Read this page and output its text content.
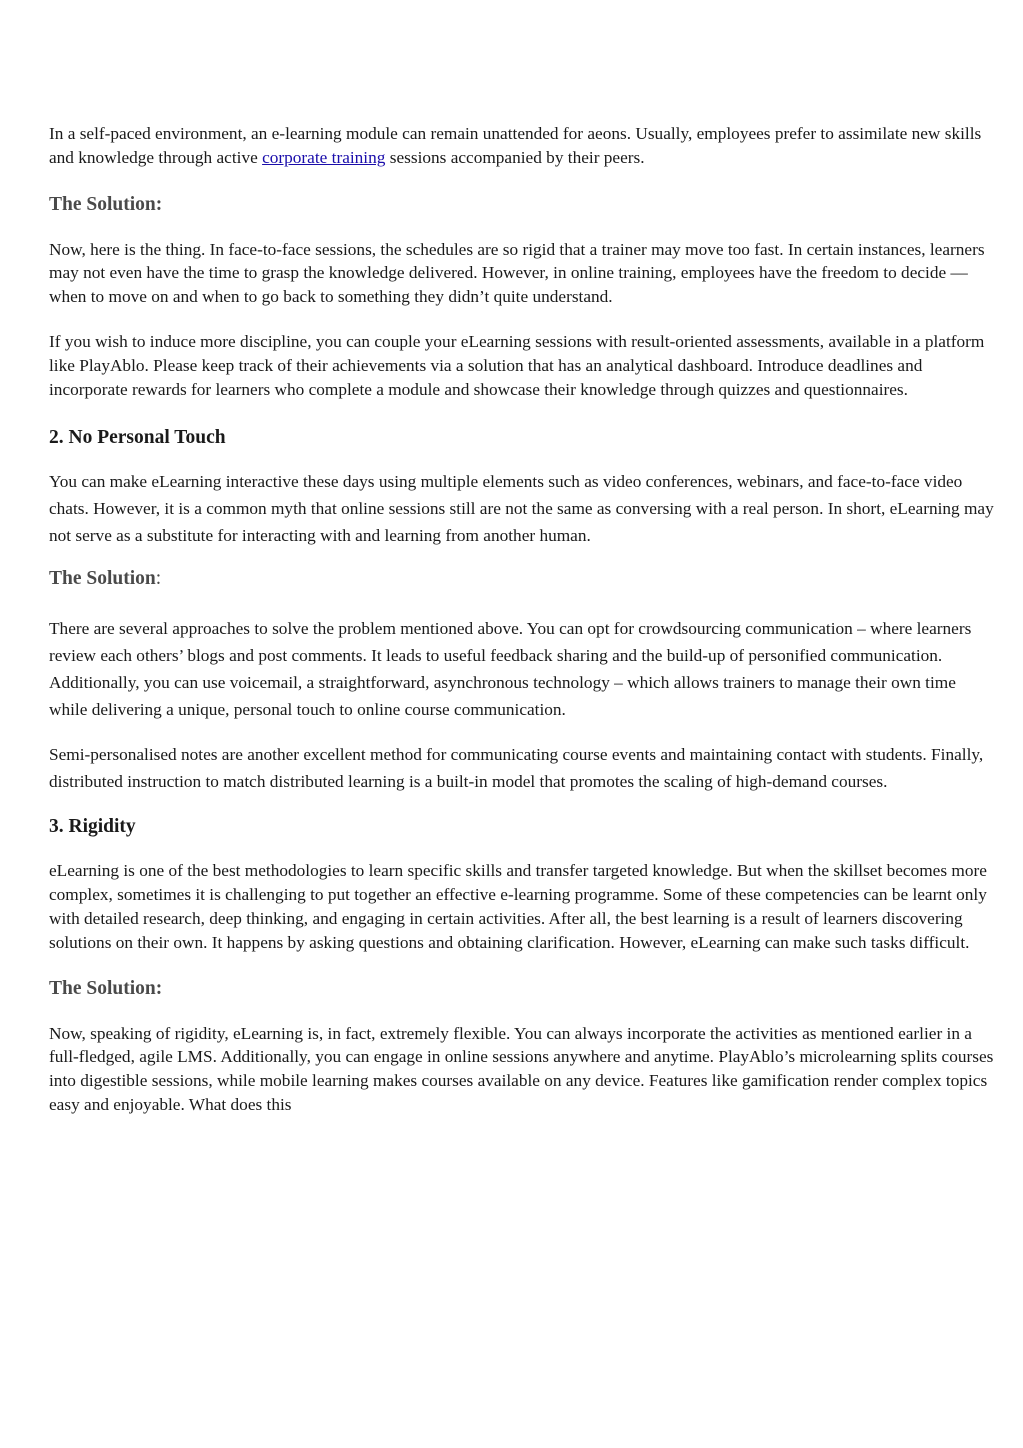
In a self-paced environment, an e-learning module can remain unattended for aeons. Usually, employees prefer to assimilate new skills and knowledge through active corporate training sessions accompanied by their peers.

The Solution:

Now, here is the thing. In face-to-face sessions, the schedules are so rigid that a trainer may move too fast. In certain instances, learners may not even have the time to grasp the knowledge delivered. However, in online training, employees have the freedom to decide — when to move on and when to go back to something they didn’t quite understand.

If you wish to induce more discipline, you can couple your eLearning sessions with result-oriented assessments, available in a platform like PlayAblo. Please keep track of their achievements via a solution that has an analytical dashboard. Introduce deadlines and incorporate rewards for learners who complete a module and showcase their knowledge through quizzes and questionnaires.

2. No Personal Touch

You can make eLearning interactive these days using multiple elements such as video conferences, webinars, and face-to-face video chats. However, it is a common myth that online sessions still are not the same as conversing with a real person. In short, eLearning may not serve as a substitute for interacting with and learning from another human.

The Solution:

There are several approaches to solve the problem mentioned above. You can opt for crowdsourcing communication – where learners review each others’ blogs and post comments. It leads to useful feedback sharing and the build-up of personified communication. Additionally, you can use voicemail, a straightforward, asynchronous technology – which allows trainers to manage their own time while delivering a unique, personal touch to online course communication.

Semi-personalised notes are another excellent method for communicating course events and maintaining contact with students. Finally, distributed instruction to match distributed learning is a built-in model that promotes the scaling of high-demand courses.

3. Rigidity

eLearning is one of the best methodologies to learn specific skills and transfer targeted knowledge. But when the skillset becomes more complex, sometimes it is challenging to put together an effective e-learning programme. Some of these competencies can be learnt only with detailed research, deep thinking, and engaging in certain activities. After all, the best learning is a result of learners discovering solutions on their own. It happens by asking questions and obtaining clarification. However, eLearning can make such tasks difficult.

The Solution:

Now, speaking of rigidity, eLearning is, in fact, extremely flexible. You can always incorporate the activities as mentioned earlier in a full-fledged, agile LMS. Additionally, you can engage in online sessions anywhere and anytime. PlayAblo’s microlearning splits courses into digestible sessions, while mobile learning makes courses available on any device. Features like gamification render complex topics easy and enjoyable. What does this
